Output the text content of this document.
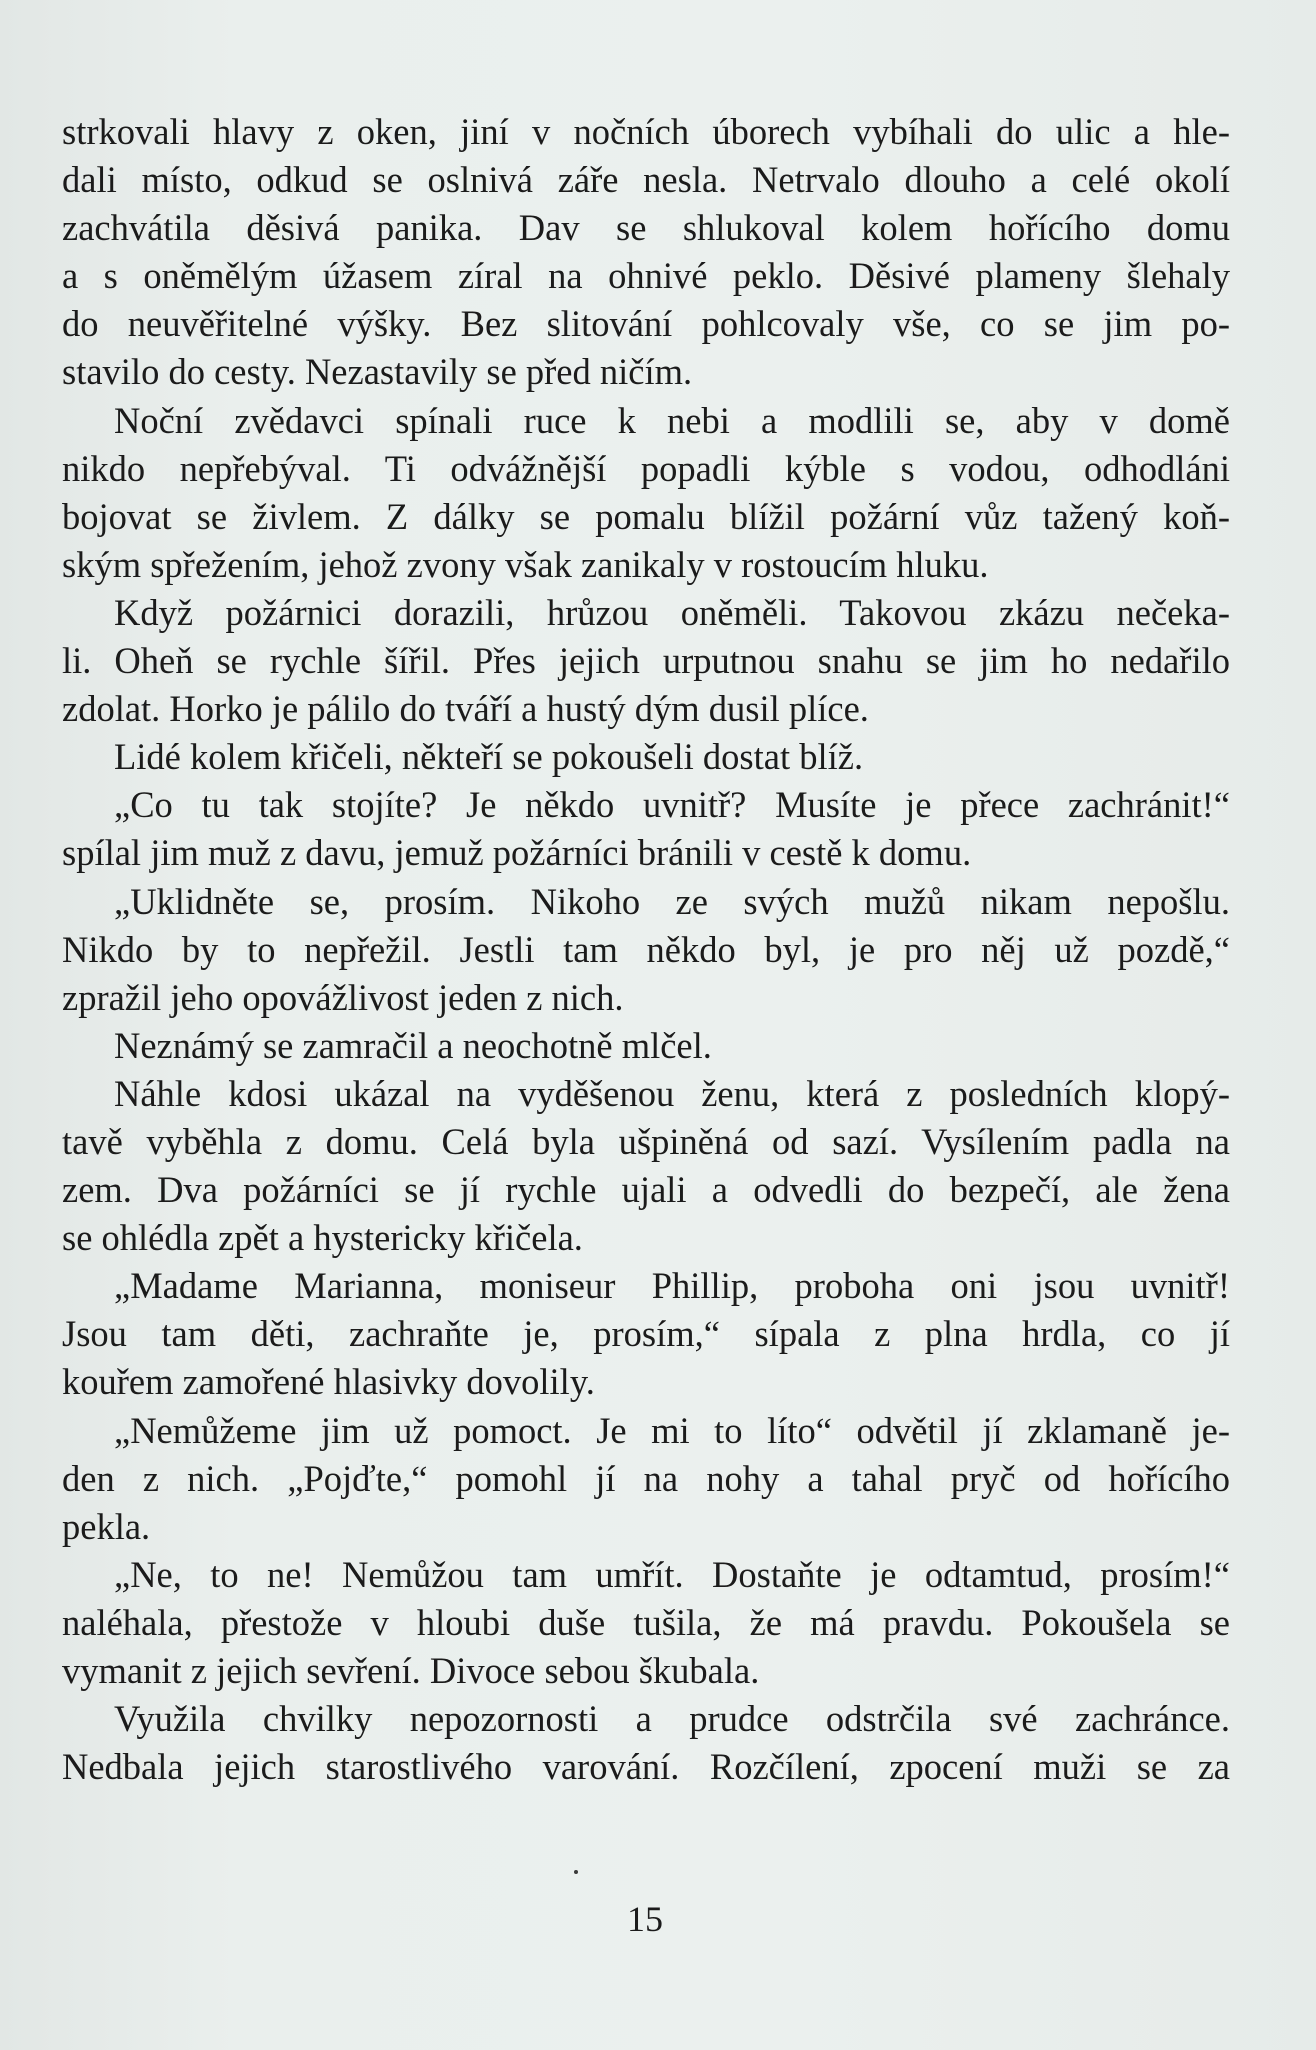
strkovali hlavy z oken, jiní v nočních úborech vybíhali do ulic a hle-
dali místo, odkud se oslnivá záře nesla. Netrvalo dlouho a celé okolí
zachvátila děsivá panika. Dav se shlukoval kolem hořícího domu
a s oněmělým úžasem zíral na ohnivé peklo. Děsivé plameny šlehaly
do neuvěřitelné výšky. Bez slitování pohlcovaly vše, co se jim po-
stavilo do cesty. Nezastavily se před ničím.
Noční zvědavci spínali ruce k nebi a modlili se, aby v domě
nikdo nepřebýval. Ti odvážnější popadli kýble s vodou, odhodláni
bojovat se živlem. Z dálky se pomalu blížil požární vůz tažený koň-
ským spřežením, jehož zvony však zanikaly v rostoucím hluku.
Když požárnici dorazili, hrůzou oněměli. Takovou zkázu nečeka-
li. Oheň se rychle šířil. Přes jejich urputnou snahu se jim ho nedařilo
zdolat. Horko je pálilo do tváří a hustý dým dusil plíce.
Lidé kolem křičeli, někteří se pokoušeli dostat blíž.
„Co tu tak stojíte? Je někdo uvnitř? Musíte je přece zachránit!“
spílal jim muž z davu, jemuž požárníci bránili v cestě k domu.
„Uklidněte se, prosím. Nikoho ze svých mužů nikam nepošlu.
Nikdo by to nepřežil. Jestli tam někdo byl, je pro něj už pozdě,“
zpražil jeho opovážlivost jeden z nich.
Neznámý se zamračil a neochotně mlčel.
Náhle kdosi ukázal na vyděšenou ženu, která z posledních klopý-
tavě vyběhla z domu. Celá byla ušpiněná od sazí. Vysílením padla na
zem. Dva požárníci se jí rychle ujali a odvedli do bezpečí, ale žena
se ohlédla zpět a hystericky křičela.
„Madame Marianna, moniseur Phillip, proboha oni jsou uvnitř!
Jsou tam děti, zachraňte je, prosím,“ sípala z plna hrdla, co jí
kouřem zamořené hlasivky dovolily.
„Nemůžeme jim už pomoct. Je mi to líto“ odvětil jí zklamaně je-
den z nich. „Pojďte,“ pomohl jí na nohy a tahal pryč od hořícího
pekla.
„Ne, to ne! Nemůžou tam umřít. Dostaňte je odtamtud, prosím!“
naléhala, přestože v hloubi duše tušila, že má pravdu. Pokoušela se
vymanit z jejich sevření. Divoce sebou škubala.
Využila chvilky nepozornosti a prudce odstrčila své zachránce.
Nedbala jejich starostlivého varování. Rozčílení, zpocení muži se za
15
